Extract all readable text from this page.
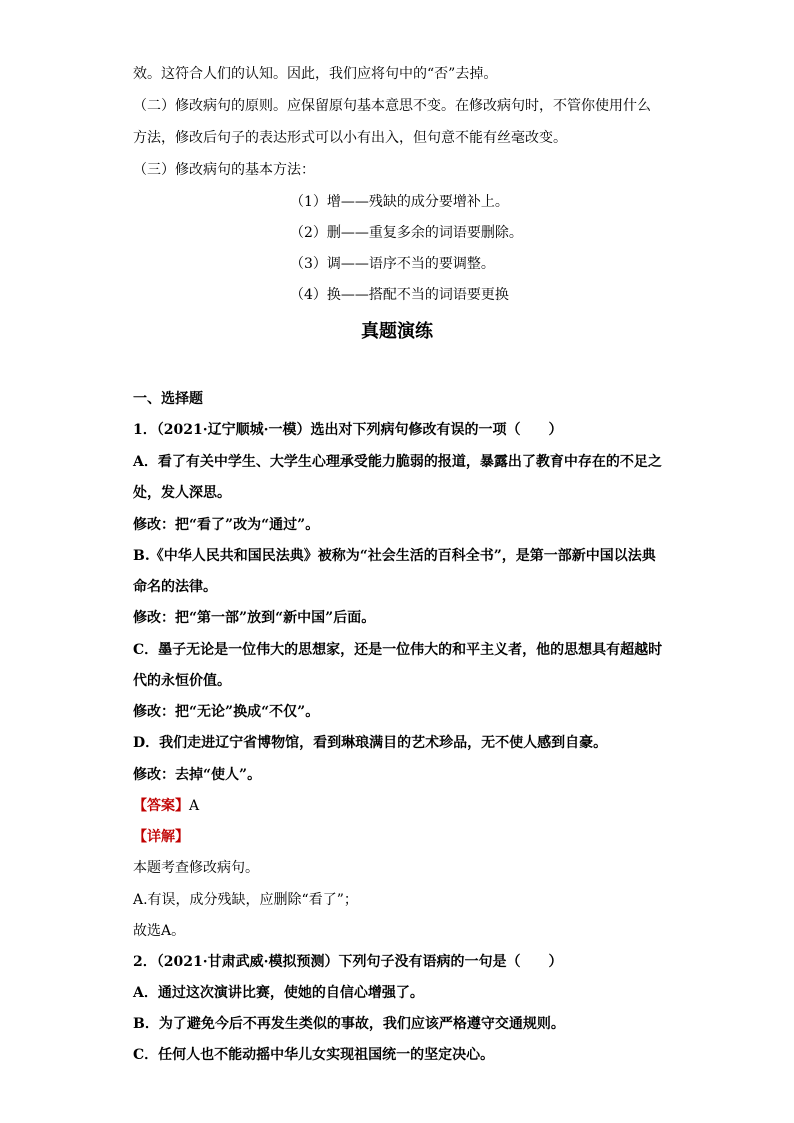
效。这符合人们的认知。因此，我们应将句中的“否”去掉。
（二）修改病句的原则。应保留原句基本意思不变。在修改病句时，不管你使用什么
方法，修改后句子的表达形式可以小有出入，但句意不能有丝毫改变。
（三）修改病句的基本方法：
（1）增——残缺的成分要增补上。
（2）删——重复多余的词语要删除。
（3）调——语序不当的要调整。
（4）换——搭配不当的词语要更换
真题演练
一、选择题
1．（2021·辽宁顺城·一模）选出对下列病句修改有误的一项（　　）
A．看了有关中学生、大学生心理承受能力脆弱的报道，暴露出了教育中存在的不足之
处，发人深思。
修改：把“看了”改为“通过”。
B.《中华人民共和国民法典》被称为“社会生活的百科全书”，是第一部新中国以法典
命名的法律。
修改：把“第一部”放到“新中国”后面。
C．墨子无论是一位伟大的思想家，还是一位伟大的和平主义者，他的思想具有超越时
代的永恒价值。
修改：把“无论”换成“不仅”。
D．我们走进辽宁省博物馆，看到琳琅满目的艺术珍品，无不使人感到自豪。
修改：去掉“使人”。
【答案】A
【详解】
本题考查修改病句。
A.有误，成分残缺，应删除“看了”；
故选A。
2．（2021·甘肃武威·模拟预测）下列句子没有语病的一句是（　　）
A．通过这次演讲比赛，使她的自信心增强了。
B．为了避免今后不再发生类似的事故，我们应该严格遵守交通规则。
C．任何人也不能动摇中华儿女实现祖国统一的坚定决心。
